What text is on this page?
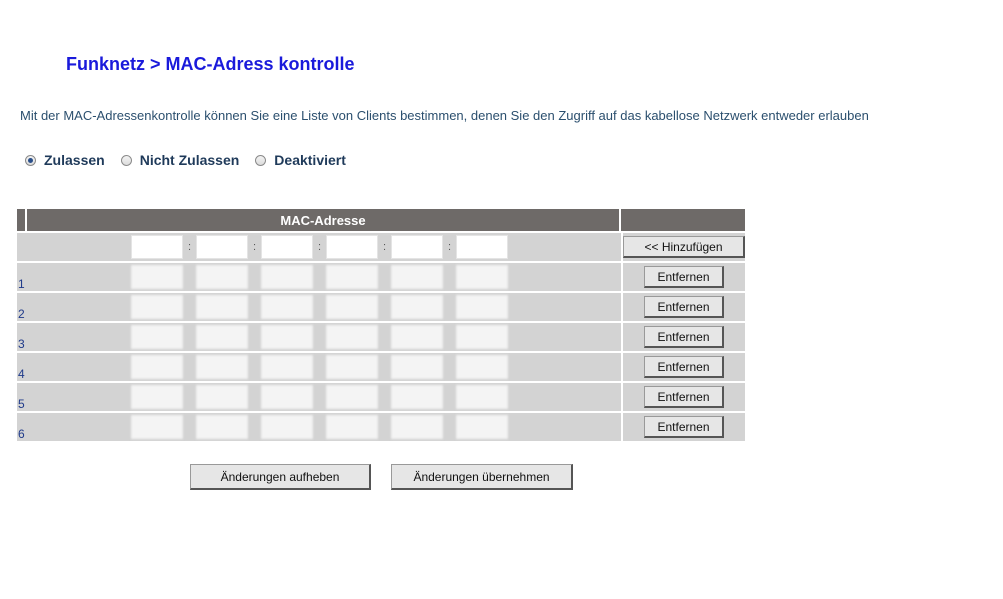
Funknetz > MAC-Adress kontrolle
Mit der MAC-Adressenkontrolle können Sie eine Liste von Clients bestimmen, denen Sie den Zugriff auf das kabellose Netzwerk entweder erlauben
Zulassen	Nicht Zulassen	Deaktiviert
	MAC-Adresse	

	: : : : :	<< Hinzufügen
1		Entfernen
2		Entfernen
3		Entfernen
4		Entfernen
5		Entfernen
6		Entfernen
Änderungen aufheben	Änderungen übernehmen
